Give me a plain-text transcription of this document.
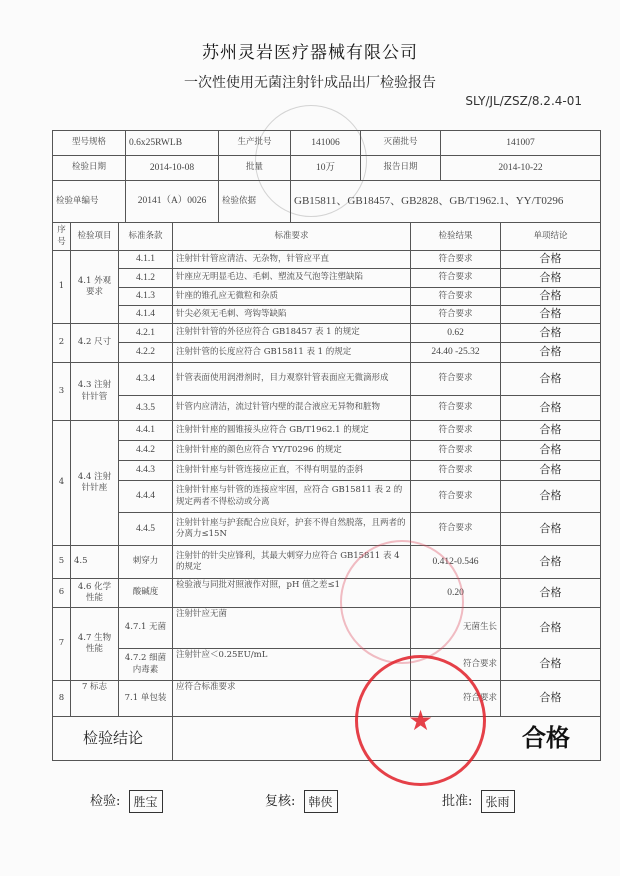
苏州灵岩医疗器械有限公司
一次性使用无菌注射针成品出厂检验报告
SLY/JL/ZSZ/8.2.4-01
型号规格	0.6x25RWLB	生产批号	141006	灭菌批号	141007
检验日期	2014-10-08	批量	10万	报告日期	2014-10-22
检验单编号	20141（A）0026	检验依据	GB15811、GB18457、GB2828、GB/T1962.1、YY/T0296		
序号	检验项目	标准条款	标准要求	检验结果	单项结论
1	4.1 外观要求	4.1.1	注射针针管应清洁、无杂物，针管应平直	符合要求	合格
		4.1.2	针座应无明显毛边、毛刺、塑流及气泡等注塑缺陷	符合要求	合格
		4.1.3	针座的锥孔应无微粒和杂质	符合要求	合格
		4.1.4	针尖必须无毛刺、弯钩等缺陷	符合要求	合格
2	4.2 尺寸	4.2.1	注射针针管的外径应符合 GB18457 表 1 的规定	0.62	合格
		4.2.2	注射针管的长度应符合 GB15811 表 1 的规定	24.40 -25.32	合格
3	4.3 注射针针管	4.3.4	针管表面使用润滑剂时，目力观察针管表面应无微滴形成	符合要求	合格
		4.3.5	针管内应清洁，流过针管内壁的混合液应无异物和脏物	符合要求	合格
4	4.4 注射针针座	4.4.1	注射针针座的圆锥接头应符合 GB/T1962.1 的规定	符合要求	合格
		4.4.2	注射针针座的颜色应符合 YY/T0296 的规定	符合要求	合格
		4.4.3	注射针针座与针管连接应正直，不得有明显的歪斜	符合要求	合格
		4.4.4	注射针针座与针管的连接应牢固，应符合 GB15811 表 2 的规定两者不得松动或分离	符合要求	合格
		4.4.5	注射针针座与护套配合应良好，护套不得自然脱落，且两者的分离力≤15N	符合要求	合格
5	4.5	刺穿力	注射针的针尖应锋利，其最大刺穿力应符合 GB15811 表 4 的规定	0.412-0.546	合格
6	4.6 化学性能	酸碱度	检验液与同批对照液作对照，pH 值之差≤1	0.20	合格
7	4.7 生物性能	4.7.1 无菌	注射针应无菌	无菌生长	合格
		4.7.2 细菌内毒素	注射针应＜0.25EU/mL	符合要求	合格
8	7 标志	7.1 单包装	应符合标准要求	符合要求	合格
检验结论			合格		
★
检验: 胜宝	复核: 韩侠	批准: 张雨
